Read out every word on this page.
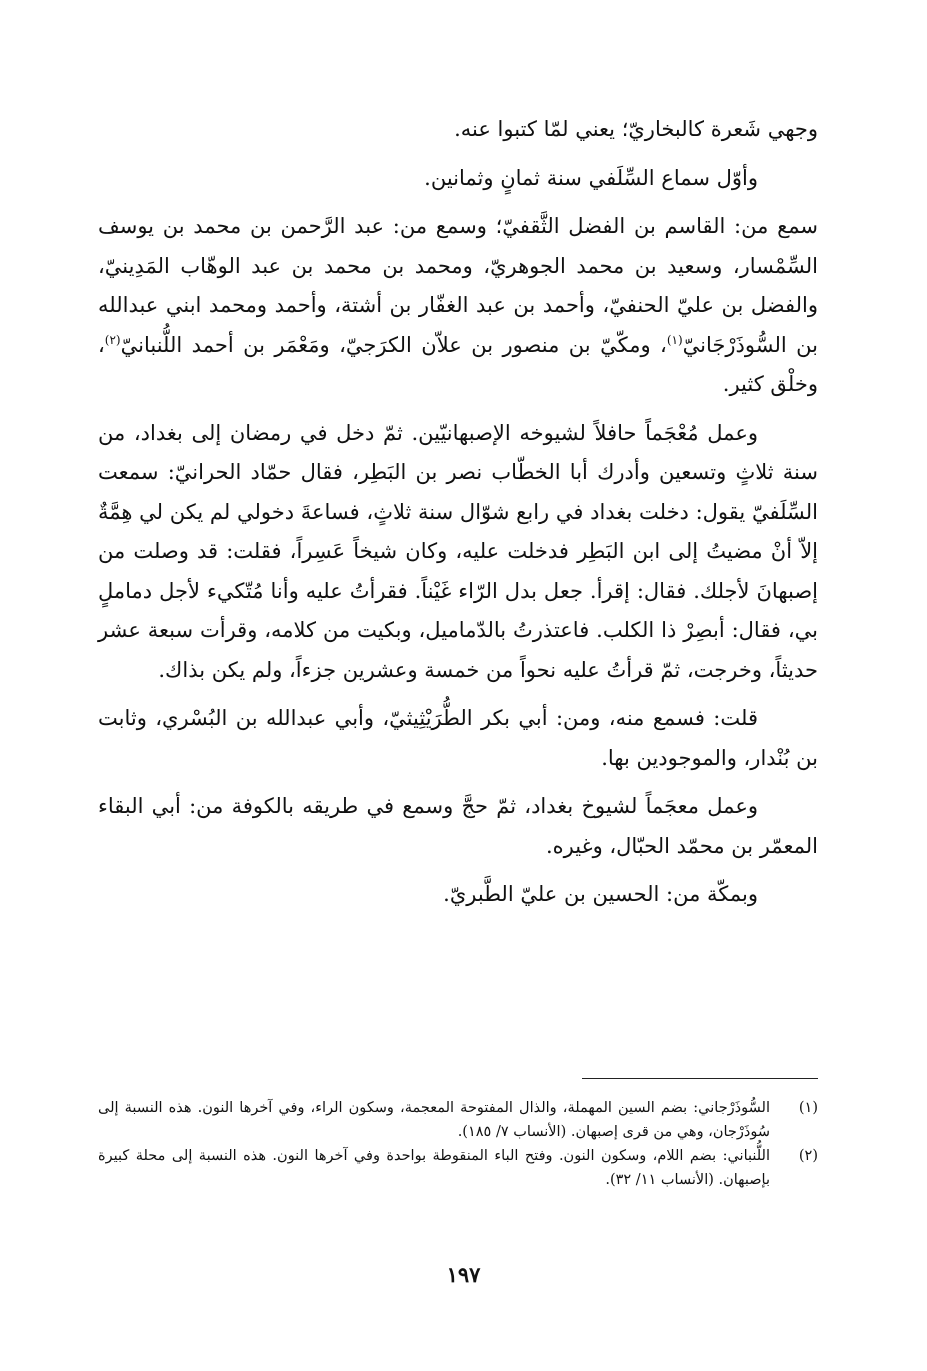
وجهي شَعرة كالبخاريّ؛ يعني لمّا كتبوا عنه.

وأوّل سماع السِّلَفي سنة ثمانٍ وثمانين.

سمع من: القاسم بن الفضل الثَّقفيّ؛ وسمع من: عبد الرَّحمن بن محمد بن يوسف السِّمْسار، وسعيد بن محمد الجوهريّ، ومحمد بن محمد بن عبد الوهّاب المَدِينيّ، والفضل بن عليّ الحنفيّ، وأحمد بن عبد الغفّار بن أشتة، وأحمد ومحمد ابني عبدالله بن السُّوذَرْجَانيّ$^{(١)}$، ومكّيّ بن منصور بن علاّن الكرَجيّ، ومَعْمَر بن أحمد اللُّنبانيّ$^{(٢)}$، وخلْق كثير.

وعمل مُعْجَماً حافلاً لشيوخه الإصبهانيّين. ثمّ دخل في رمضان إلى بغداد، من سنة ثلاثٍ وتسعين وأدرك أبا الخطّاب نصر بن البَطِر، فقال حمّاد الحرانيّ: سمعت السِّلَفيّ يقول: دخلت بغداد في رابع شوّال سنة ثلاثٍ، فساعةَ دخولي لم يكن لي هِمَّةٌ إلاّ أنْ مضيتُ إلى ابن البَطِر فدخلت عليه، وكان شيخاً عَسِراً، فقلت: قد وصلت من إصبهانَ لأجلك. فقال: إقرأ. جعل بدل الرّاء غَيْناً. فقرأتُ عليه وأنا مُتّكيء لأجل دماملٍ بي، فقال: أبصِرْ ذا الكلب. فاعتذرتُ بالدّماميل، وبكيت من كلامه، وقرأت سبعة عشر حديثاً، وخرجت، ثمّ قرأتُ عليه نحواً من خمسة وعشرين جزءاً، ولم يكن بذاك.

قلت: فسمع منه، ومن: أبي بكر الطُّرَيْثِيثيّ، وأبي عبدالله بن البُسْري، وثابت بن بُنْدار، والموجودين بها.

وعمل معجَماً لشيوخ بغداد، ثمّ حجَّ وسمع في طريقه بالكوفة من: أبي البقاء المعمّر بن محمّد الحبّال، وغيره.

وبمكّة من: الحسين بن عليّ الطَّبريّ.

(١)
السُّوذَرْجاني: بضم السين المهملة، والذال المفتوحة المعجمة، وسكون الراء، وفي آخرها النون. هذه النسبة إلى سُوذَرْجان، وهي من قرى إصبهان. (الأنساب ٧/ ١٨٥).
(٢)
اللُّنباني: بضم اللام، وسكون النون. وفتح الباء المنقوطة بواحدة وفي آخرها النون. هذه النسبة إلى محلة كبيرة بإصبهان. (الأنساب ١١/ ٣٢).
١٩٧
